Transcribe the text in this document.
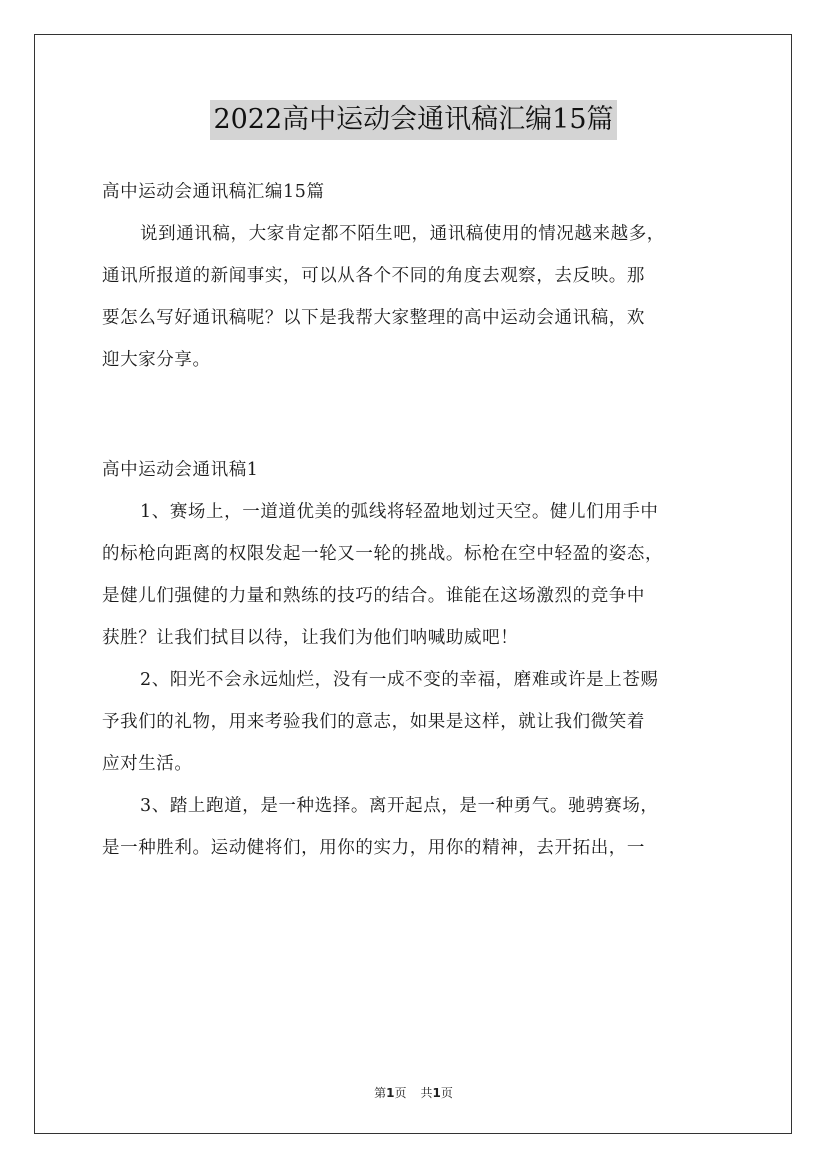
2022高中运动会通讯稿汇编15篇
高中运动会通讯稿汇编15篇
说到通讯稿，大家肯定都不陌生吧，通讯稿使用的情况越来越多，
通讯所报道的新闻事实，可以从各个不同的角度去观察，去反映。那
要怎么写好通讯稿呢？以下是我帮大家整理的高中运动会通讯稿，欢
迎大家分享。
高中运动会通讯稿1
1、赛场上，一道道优美的弧线将轻盈地划过天空。健儿们用手中
的标枪向距离的权限发起一轮又一轮的挑战。标枪在空中轻盈的姿态，
是健儿们强健的力量和熟练的技巧的结合。谁能在这场激烈的竞争中
获胜？让我们拭目以待，让我们为他们呐喊助威吧！
2、阳光不会永远灿烂，没有一成不变的幸福，磨难或许是上苍赐
予我们的礼物，用来考验我们的意志，如果是这样，就让我们微笑着
应对生活。
3、踏上跑道，是一种选择。离开起点，是一种勇气。驰骋赛场，
是一种胜利。运动健将们，用你的实力，用你的精神，去开拓出，一
第1页 共1页
